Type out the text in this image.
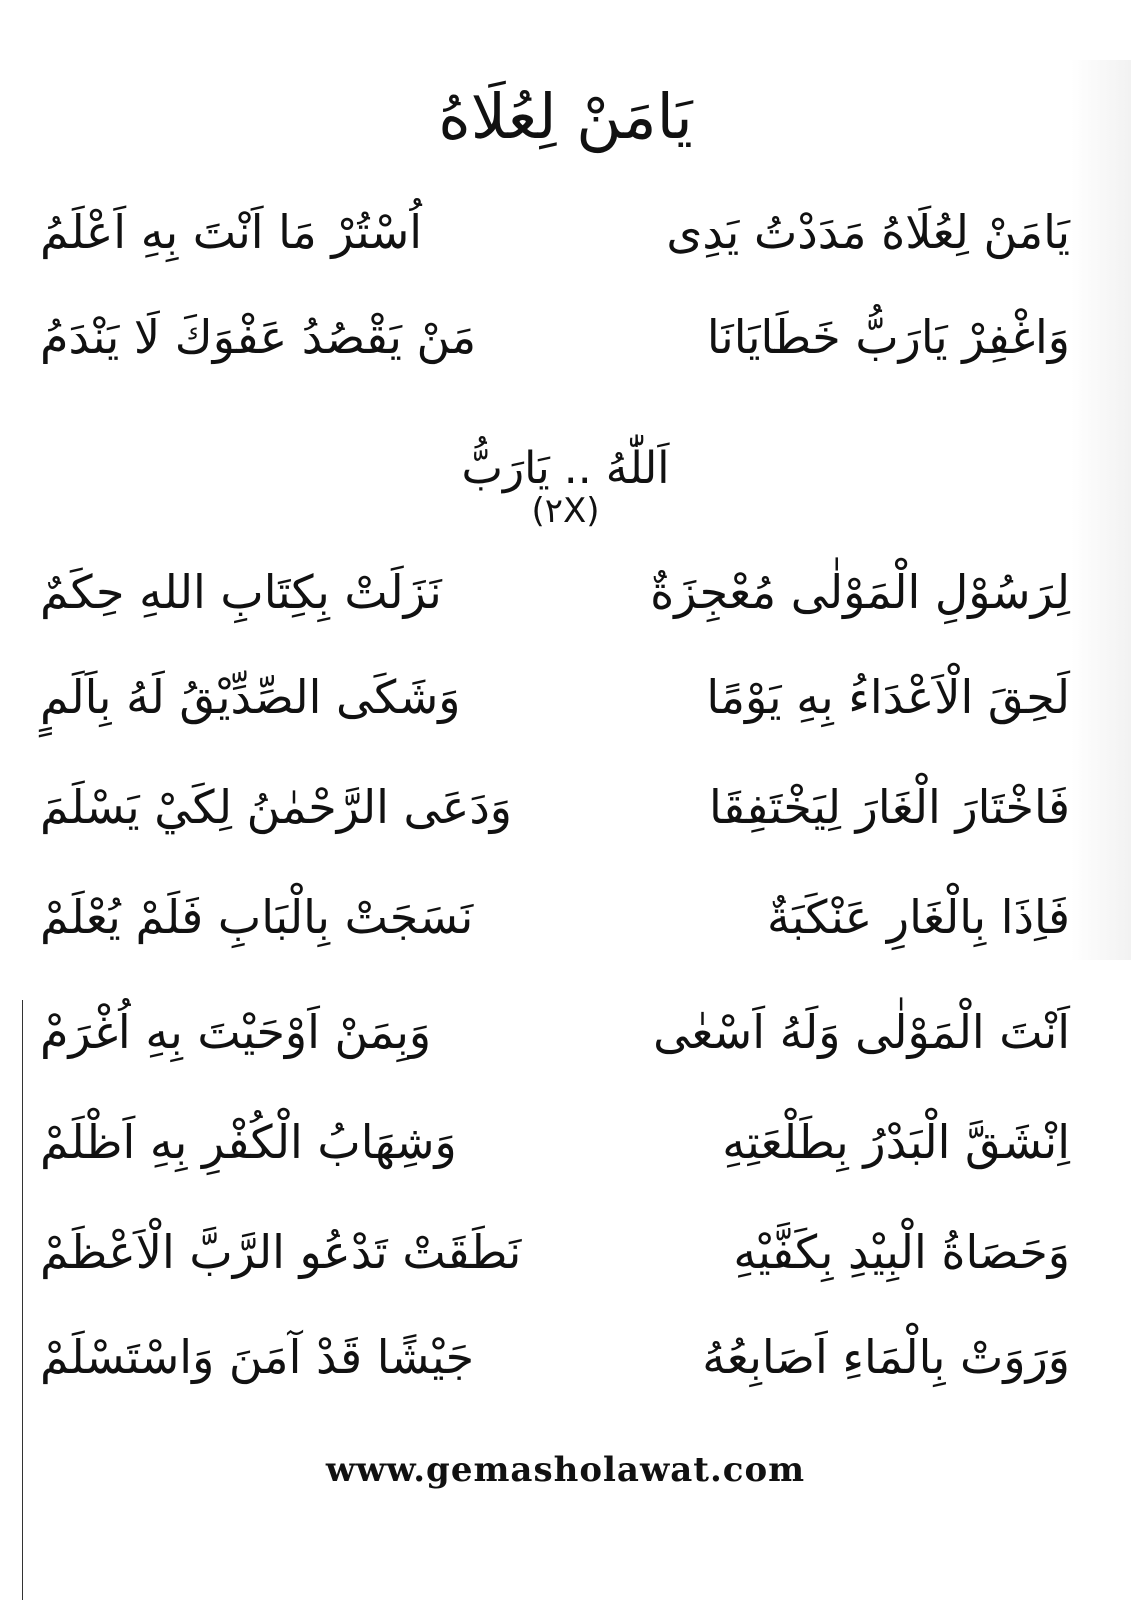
يَامَنْ لِعُلَاهُ
يَامَنْ لِعُلَاهُ مَدَدْتُ يَدِى
اُسْتُرْ مَا اَنْتَ بِهِ اَعْلَمُ
وَاغْفِرْ يَارَبُّ خَطَايَانَا
مَنْ يَقْصُدُ عَفْوَكَ لَا يَنْدَمُ
اَللّٰهُ .. يَارَبُّ
(٢X)
لِرَسُوْلِ الْمَوْلٰى مُعْجِزَةٌ
نَزَلَتْ بِكِتَابِ اللهِ حِكَمٌ
لَحِقَ الْاَعْدَاءُ بِهِ يَوْمًا
وَشَكَى الصِّدِّيْقُ لَهُ بِاَلَمٍ
فَاخْتَارَ الْغَارَ لِيَخْتَفِقَا
وَدَعَى الرَّحْمٰنُ لِكَيْ يَسْلَمَ
فَاِذَا بِالْغَارِ عَنْكَبَةٌ
نَسَجَتْ بِالْبَابِ فَلَمْ يُعْلَمْ
اَنْتَ الْمَوْلٰى وَلَهُ اَسْعٰى
وَبِمَنْ اَوْحَيْتَ بِهِ اُغْرَمْ
اِنْشَقَّ الْبَدْرُ بِطَلْعَتِهِ
وَشِهَابُ الْكُفْرِ بِهِ اَظْلَمْ
وَحَصَاةُ الْبِيْدِ بِكَفَّيْهِ
نَطَقَتْ تَدْعُو الرَّبَّ الْاَعْظَمْ
وَرَوَتْ بِالْمَاءِ اَصَابِعُهُ
جَيْشًا قَدْ آمَنَ وَاسْتَسْلَمْ
www.gemasholawat.com
